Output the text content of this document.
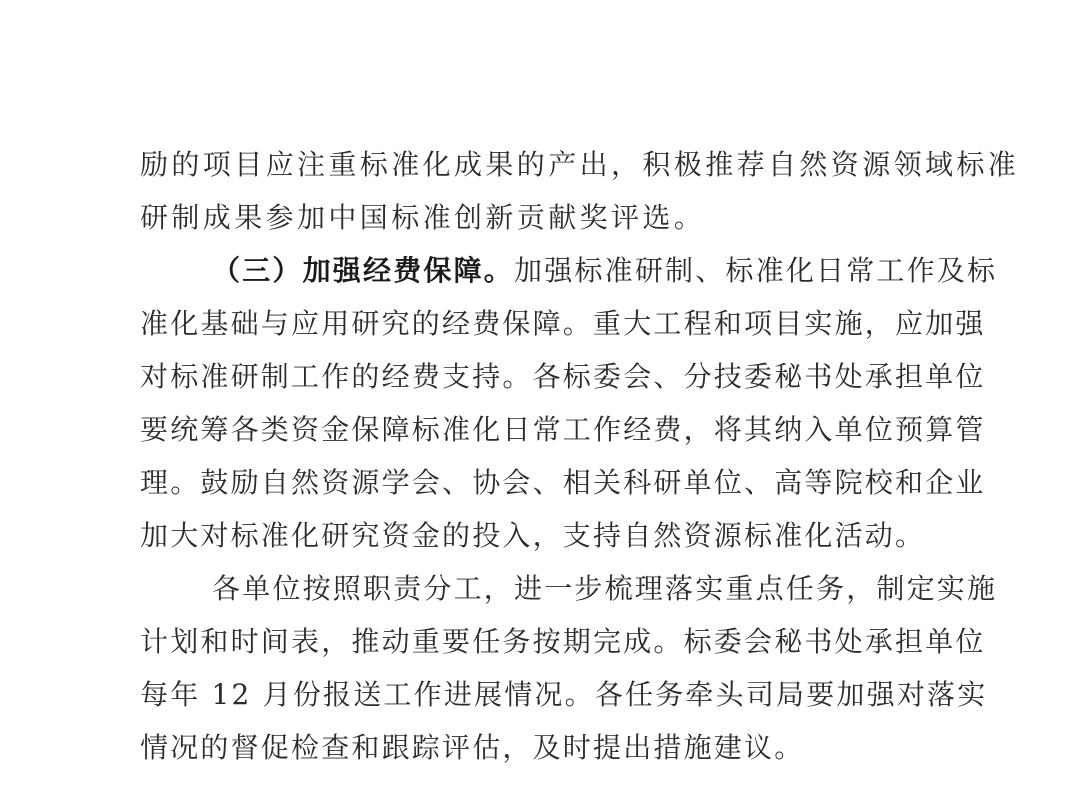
励的项目应注重标准化成果的产出，积极推荐自然资源领域标准
研制成果参加中国标准创新贡献奖评选。
（三）加强经费保障。加强标准研制、标准化日常工作及标
准化基础与应用研究的经费保障。重大工程和项目实施，应加强
对标准研制工作的经费支持。各标委会、分技委秘书处承担单位
要统筹各类资金保障标准化日常工作经费，将其纳入单位预算管
理。鼓励自然资源学会、协会、相关科研单位、高等院校和企业
加大对标准化研究资金的投入，支持自然资源标准化活动。
各单位按照职责分工，进一步梳理落实重点任务，制定实施
计划和时间表，推动重要任务按期完成。标委会秘书处承担单位
每年 12 月份报送工作进展情况。各任务牵头司局要加强对落实
情况的督促检查和跟踪评估，及时提出措施建议。
